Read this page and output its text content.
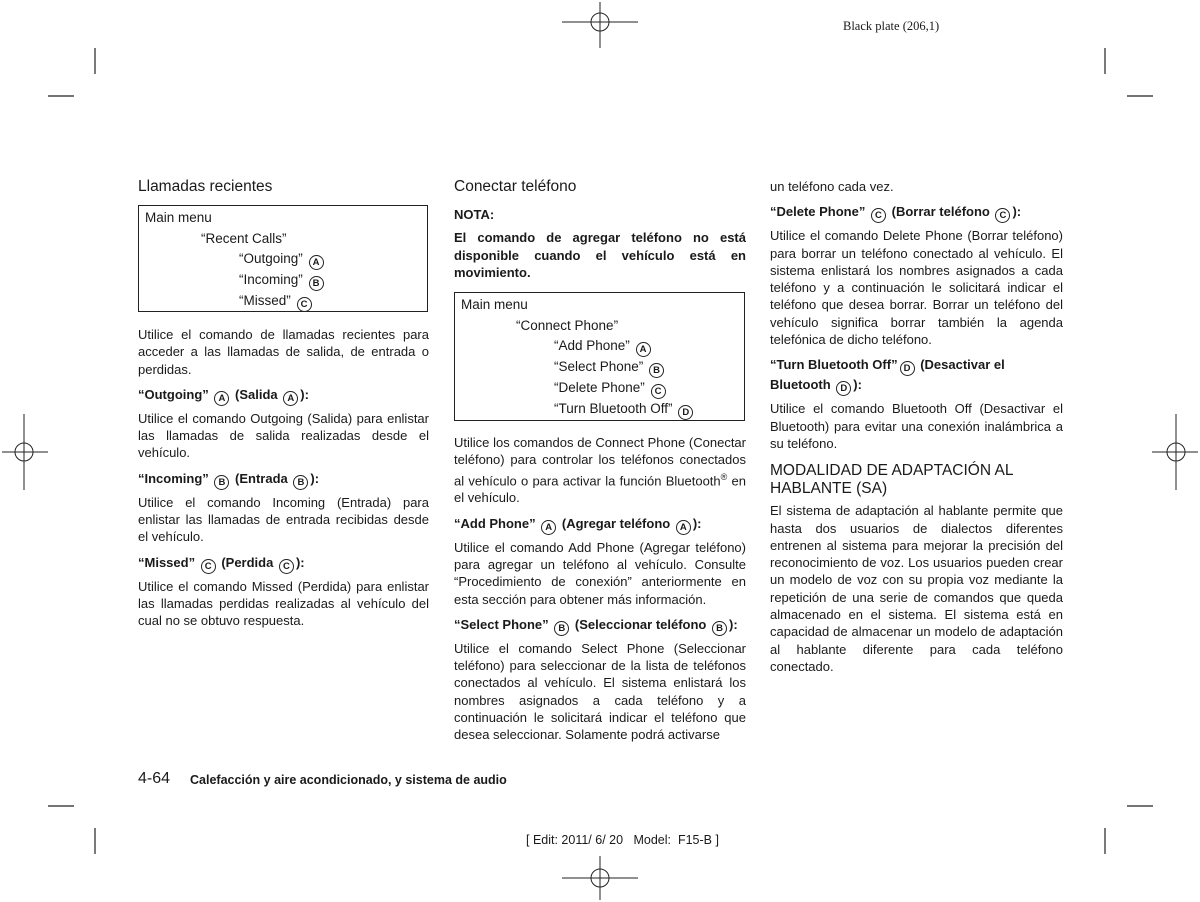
Black plate (206,1)
Llamadas recientes
Main menu
“Recent Calls”
“Outgoing” A
“Incoming” B
“Missed” C

Utilice el comando de llamadas recientes para acceder a las llamadas de salida, de entrada o perdidas.

“Outgoing” A (Salida A ):

Utilice el comando Outgoing (Salida) para enlistar las llamadas de salida realizadas desde el vehículo.

“Incoming” B (Entrada B ):

Utilice el comando Incoming (Entrada) para enlistar las llamadas de entrada recibidas desde el vehículo.

“Missed” C (Perdida C ):

Utilice el comando Missed (Perdida) para enlistar las llamadas perdidas realizadas al vehículo del cual no se obtuvo respuesta.

Conectar teléfono
NOTA:

El comando de agregar teléfono no está disponible cuando el vehículo está en movimiento.

Main menu
“Connect Phone”
“Add Phone” A
“Select Phone” B
“Delete Phone” C
“Turn Bluetooth Off” D

Utilice los comandos de Connect Phone (Conectar teléfono) para controlar los teléfonos conectados al vehículo o para activar la función Bluetooth® en el vehículo.

“Add Phone” A (Agregar teléfono A ):

Utilice el comando Add Phone (Agregar teléfono) para agregar un teléfono al vehículo. Consulte “Procedimiento de conexión” anteriormente en esta sección para obtener más información.

“Select Phone” B (Seleccionar teléfono B ):

Utilice el comando Select Phone (Seleccionar teléfono) para seleccionar de la lista de teléfonos conectados al vehículo. El sistema enlistará los nombres asignados a cada teléfono y a continuación le solicitará indicar el teléfono que desea seleccionar. Solamente podrá activarse

un teléfono cada vez.

“Delete Phone” C (Borrar teléfono C ):

Utilice el comando Delete Phone (Borrar teléfono) para borrar un teléfono conectado al vehículo. El sistema enlistará los nombres asignados a cada teléfono y a continuación le solicitará indicar el teléfono que desea borrar. Borrar un teléfono del vehículo significa borrar también la agenda telefónica de dicho teléfono.

“Turn Bluetooth Off” D (Desactivar el Bluetooth D ):

Utilice el comando Bluetooth Off (Desactivar el Bluetooth) para evitar una conexión inalámbrica a su teléfono.

MODALIDAD DE ADAPTACIÓN AL HABLANTE (SA)

El sistema de adaptación al hablante permite que hasta dos usuarios de dialectos diferentes entrenen al sistema para mejorar la precisión del reconocimiento de voz. Los usuarios pueden crear un modelo de voz con su propia voz mediante la repetición de una serie de comandos que queda almacenado en el sistema. El sistema está en capacidad de almacenar un modelo de adaptación al hablante diferente para cada teléfono conectado.

4-64 Calefacción y aire acondicionado, y sistema de audio
[ Edit: 2011/ 6/ 20   Model:  F15-B ]
